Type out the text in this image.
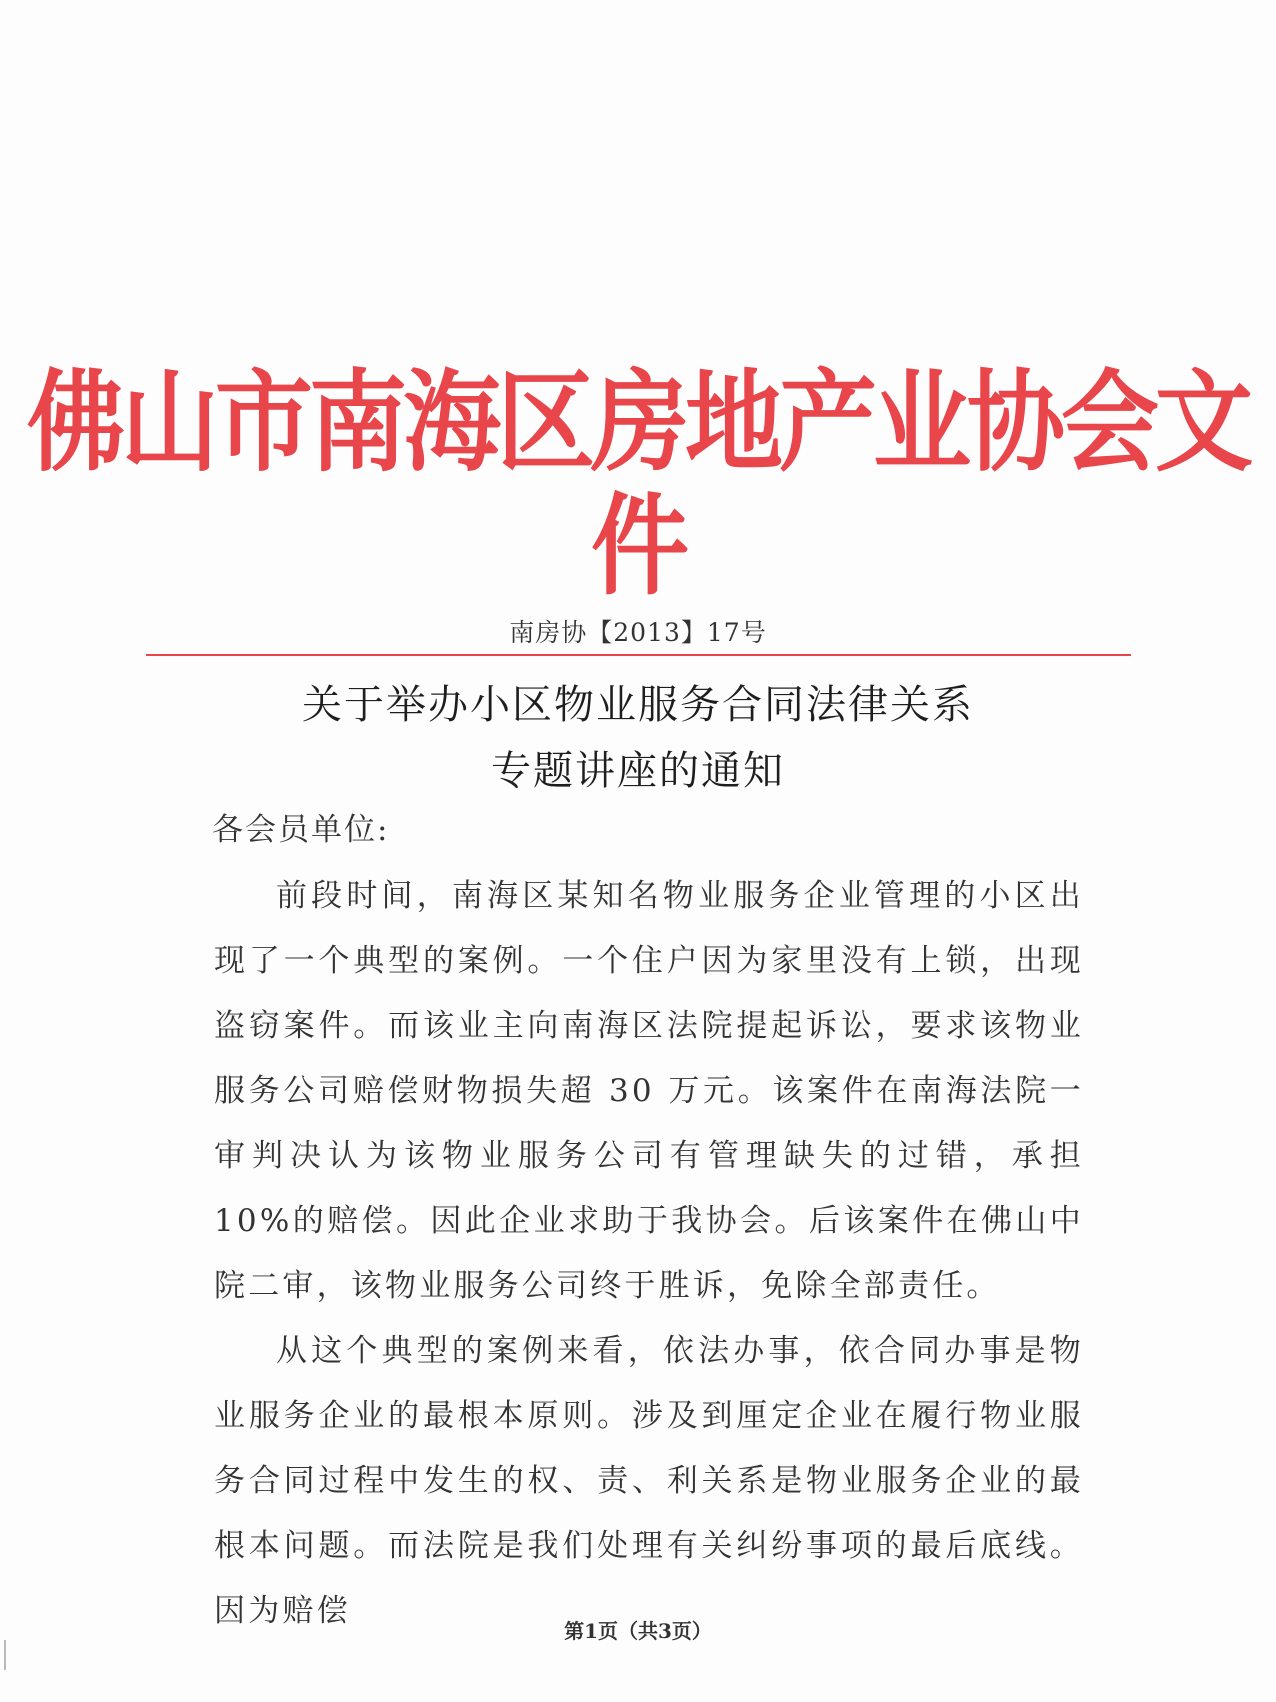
佛山市南海区房地产业协会文件
南房协【2013】17号
关于举办小区物业服务合同法律关系
专题讲座的通知
各会员单位:

前段时间，南海区某知名物业服务企业管理的小区出现了一个典型的案例。一个住户因为家里没有上锁，出现盗窃案件。而该业主向南海区法院提起诉讼，要求该物业服务公司赔偿财物损失超 30 万元。该案件在南海法院一审判决认为该物业服务公司有管理缺失的过错，承担 10%的赔偿。因此企业求助于我协会。后该案件在佛山中院二审，该物业服务公司终于胜诉，免除全部责任。

从这个典型的案例来看，依法办事，依合同办事是物业服务企业的最根本原则。涉及到厘定企业在履行物业服务合同过程中发生的权、责、利关系是物业服务企业的最根本问题。而法院是我们处理有关纠纷事项的最后底线。因为赔偿

第1页（共3页）
